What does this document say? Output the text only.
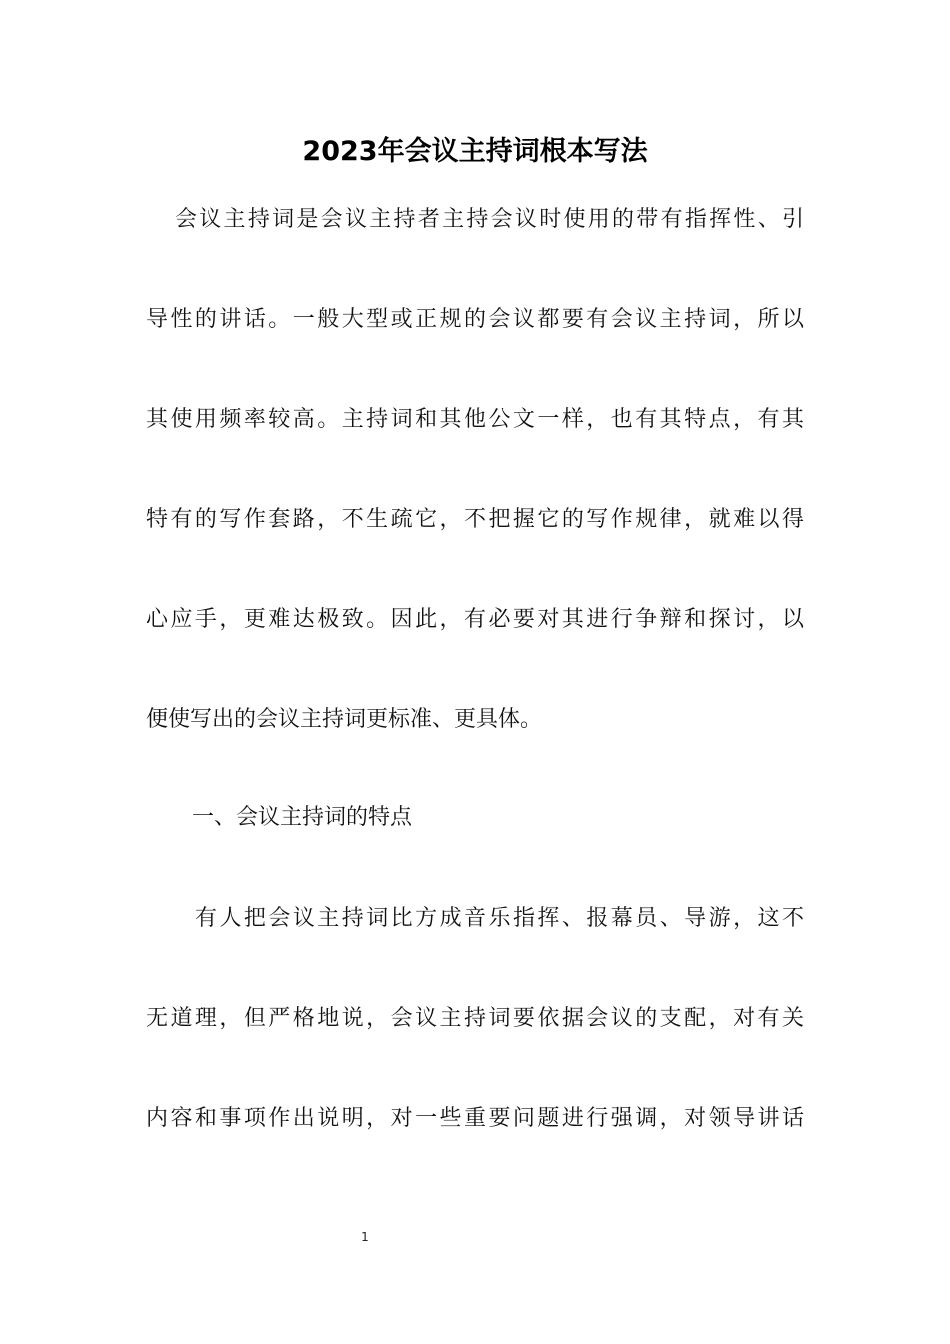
2023年会议主持词根本写法
会议主持词是会议主持者主持会议时使用的带有指挥性、引
导性的讲话。一般大型或正规的会议都要有会议主持词，所以
其使用频率较高。主持词和其他公文一样，也有其特点，有其
特有的写作套路，不生疏它，不把握它的写作规律，就难以得
心应手，更难达极致。因此，有必要对其进行争辩和探讨，以
便使写出的会议主持词更标准、更具体。
一、会议主持词的特点
有人把会议主持词比方成音乐指挥、报幕员、导游，这不
无道理，但严格地说，会议主持词要依据会议的支配，对有关
内容和事项作出说明，对一些重要问题进行强调，对领导讲话
1
